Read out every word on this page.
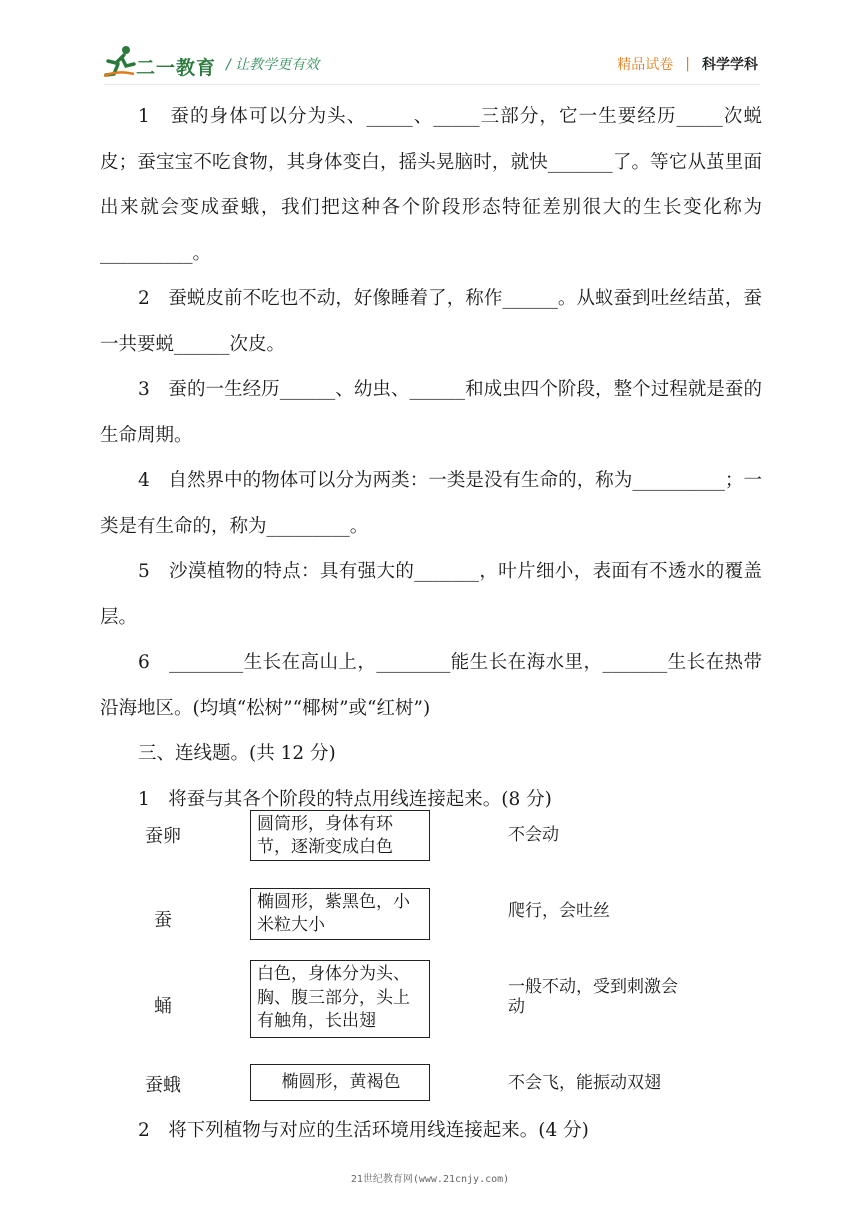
二一教育 / 让教学更有效	精品试卷 | 科学学科

1　蚕的身体可以分为头、_____、_____三部分，它一生要经历_____次蜕皮；蚕宝宝不吃食物，其身体变白，摇头晃脑时，就快_______了。等它从茧里面出来就会变成蚕蛾，我们把这种各个阶段形态特征差别很大的生长变化称为__________。

2　蚕蜕皮前不吃也不动，好像睡着了，称作______。从蚁蚕到吐丝结茧，蚕一共要蜕______次皮。

3　蚕的一生经历______、幼虫、______和成虫四个阶段，整个过程就是蚕的生命周期。

4　自然界中的物体可以分为两类：一类是没有生命的，称为__________；一类是有生命的，称为_________。

5　沙漠植物的特点：具有强大的_______，叶片细小，表面有不透水的覆盖层。

6　________生长在高山上，________能生长在海水里，_______生长在热带沿海地区。(均填“松树”“椰树”或“红树”)

三、连线题。(共 12 分)

1　将蚕与其各个阶段的特点用线连接起来。(8 分)

蚕卵
蚕
蛹
蚕蛾
圆筒形，身体有环节，逐渐变成白色
椭圆形，紫黑色，小米粒大小
白色，身体分为头、胸、腹三部分，头上有触角，长出翅
椭圆形，黄褐色
不会动
爬行，会吐丝
一般不动，受到刺激会动
不会飞，能振动双翅

2　将下列植物与对应的生活环境用线连接起来。(4 分)

21世纪教育网(www.21cnjy.com)
